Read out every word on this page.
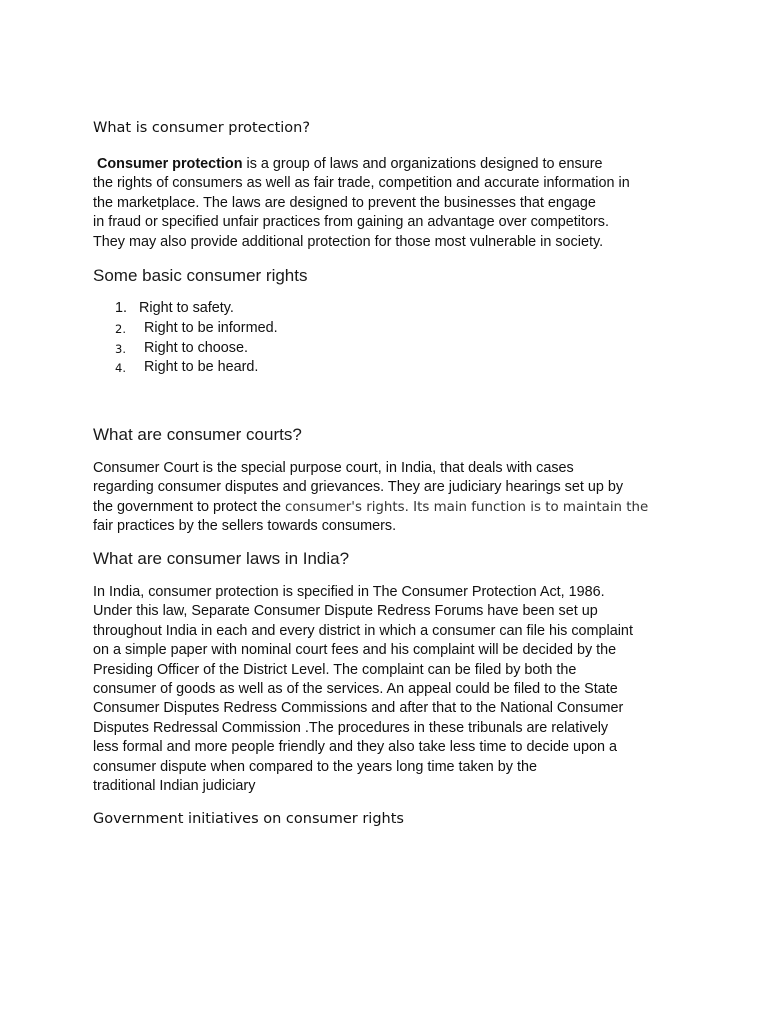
What is consumer protection?
Consumer protection is a group of laws and organizations designed to ensure
the rights of consumers as well as fair trade, competition and accurate information in
the marketplace. The laws are designed to prevent the businesses that engage
in fraud or specified unfair practices from gaining an advantage over competitors.
They may also provide additional protection for those most vulnerable in society.
Some basic consumer rights
1. Right to safety.
2. Right to be informed.
3. Right to choose.
4. Right to be heard.
What are consumer courts?
Consumer Court is the special purpose court, in India, that deals with cases
regarding consumer disputes and grievances. They are judiciary hearings set up by
the government to protect the consumer's rights. Its main function is to maintain the
fair practices by the sellers towards consumers.
What are consumer laws in India?
In India, consumer protection is specified in The Consumer Protection Act, 1986.
Under this law, Separate Consumer Dispute Redress Forums have been set up
throughout India in each and every district in which a consumer can file his complaint
on a simple paper with nominal court fees and his complaint will be decided by the
Presiding Officer of the District Level. The complaint can be filed by both the
consumer of goods as well as of the services. An appeal could be filed to the State
Consumer Disputes Redress Commissions and after that to the National Consumer
Disputes Redressal Commission .The procedures in these tribunals are relatively
less formal and more people friendly and they also take less time to decide upon a
consumer dispute when compared to the years long time taken by the
traditional Indian judiciary
Government initiatives on consumer rights
